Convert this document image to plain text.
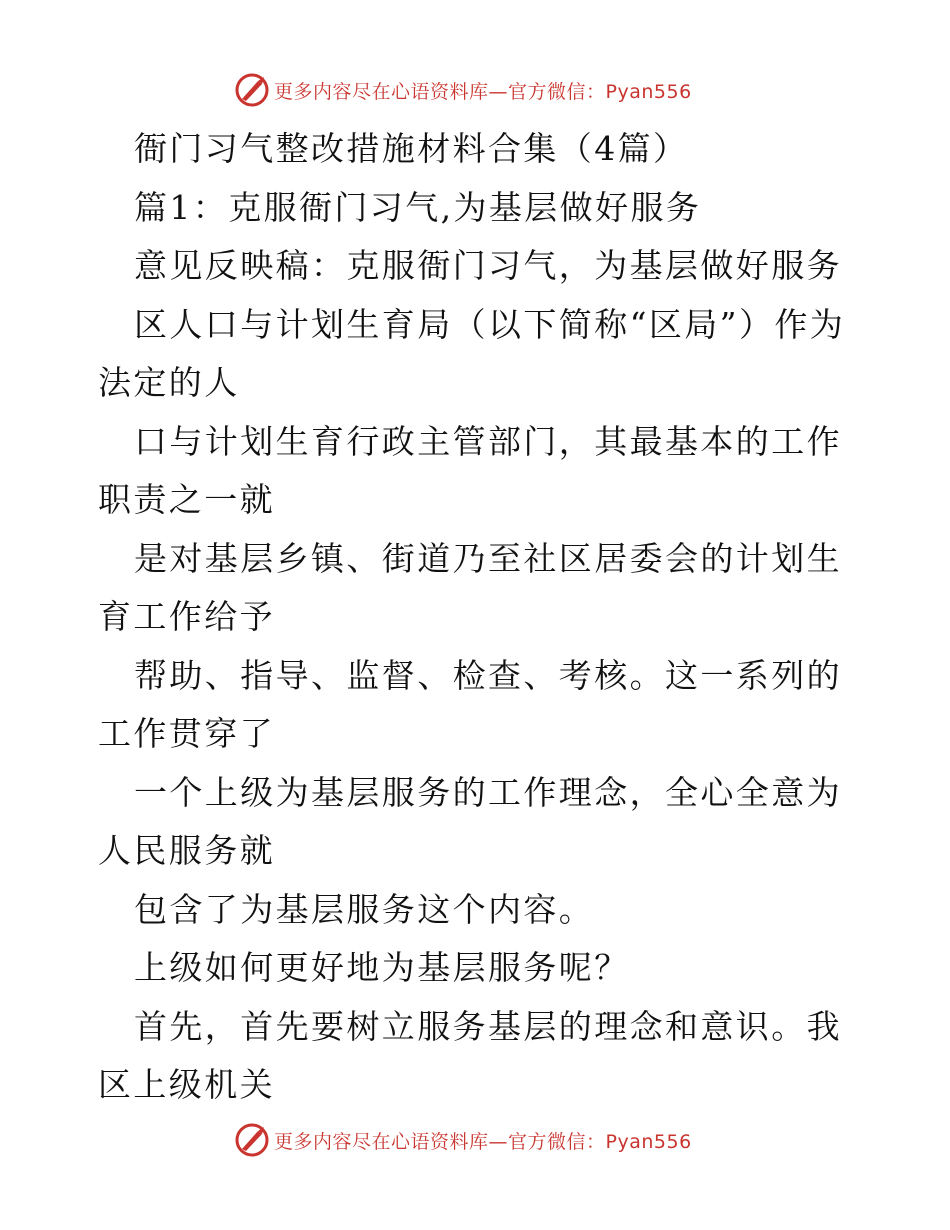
更多内容尽在心语资料库—官方微信：Pyan556

衙门习气整改措施材料合集（4篇）

篇1：克服衙门习气,为基层做好服务

意见反映稿：克服衙门习气，为基层做好服务

区人口与计划生育局（以下简称“区局”）作为法定的人

口与计划生育行政主管部门，其最基本的工作职责之一就

是对基层乡镇、街道乃至社区居委会的计划生育工作给予

帮助、指导、监督、检查、考核。这一系列的工作贯穿了

一个上级为基层服务的工作理念，全心全意为人民服务就

包含了为基层服务这个内容。

上级如何更好地为基层服务呢？

首先，首先要树立服务基层的理念和意识。我区上级机关

更多内容尽在心语资料库—官方微信：Pyan556
